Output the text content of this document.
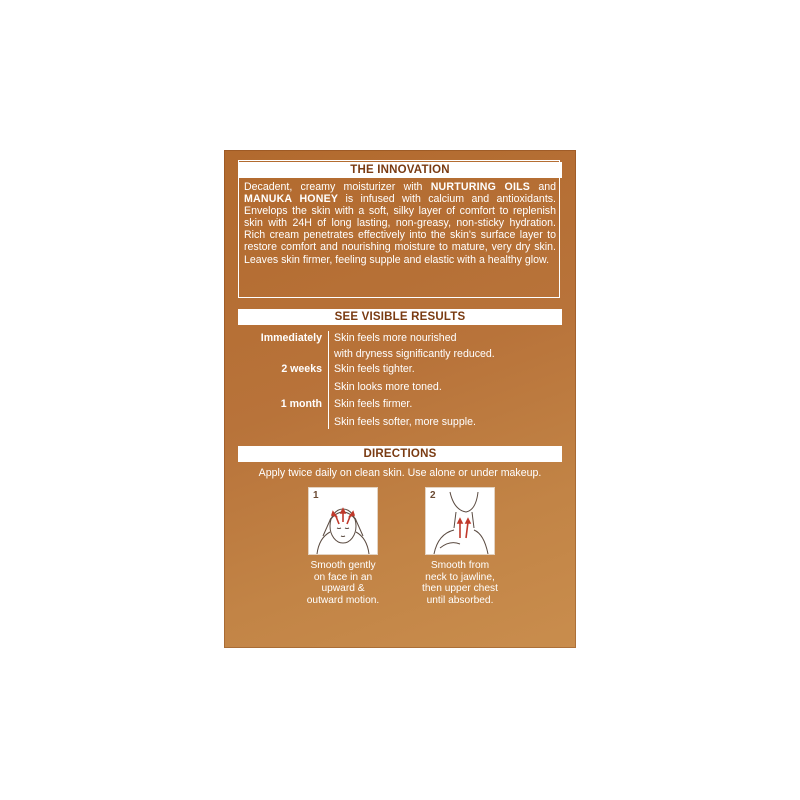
THE INNOVATION
Decadent, creamy moisturizer with NURTURING OILS and MANUKA HONEY is infused with calcium and antioxidants. Envelops the skin with a soft, silky layer of comfort to replenish skin with 24H of long lasting, non-greasy, non-sticky hydration. Rich cream penetrates effectively into the skin's surface layer to restore comfort and nourishing moisture to mature, very dry skin. Leaves skin firmer, feeling supple and elastic with a healthy glow.
SEE VISIBLE RESULTS
Immediately Skin feels more nourished
with dryness significantly reduced.
2 weeks Skin feels tighter.
Skin looks more toned.
1 month Skin feels firmer.
Skin feels softer, more supple.
DIRECTIONS
Apply twice daily on clean skin. Use alone or under makeup.
1
Smooth gently
on face in an
upward &
outward motion.
2
Smooth from
neck to jawline,
then upper chest
until absorbed.
